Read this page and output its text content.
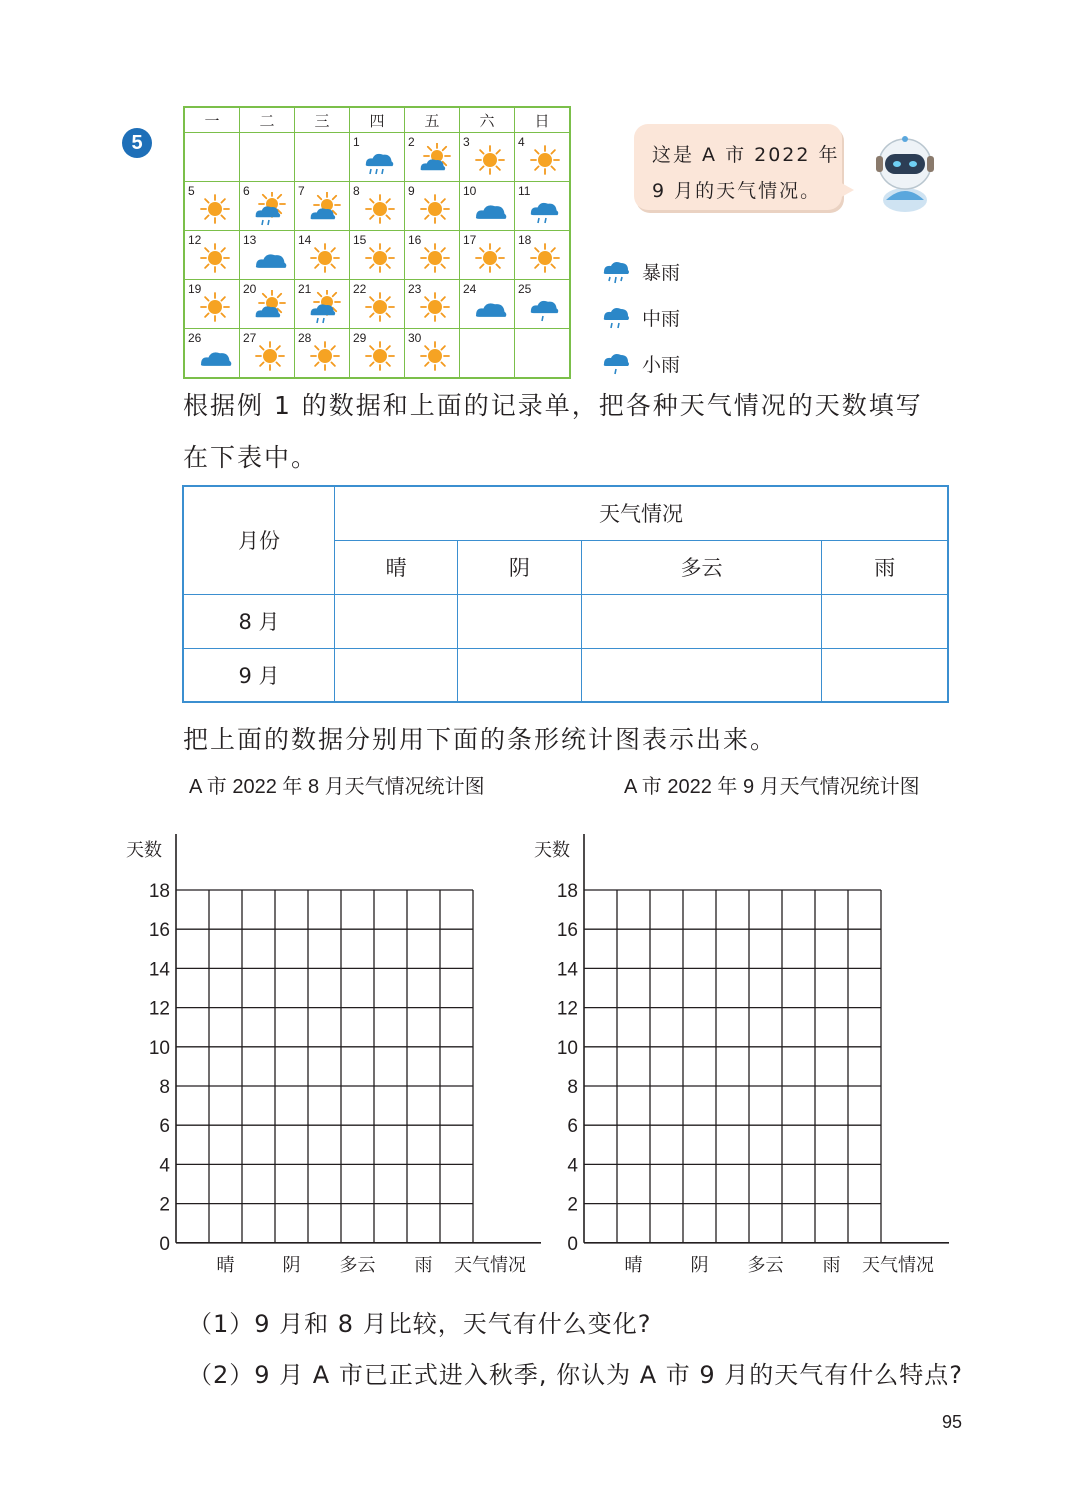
5
一	二	三	四	五	六	日

			1	2	3	4

5	6	7	8	9	10	11

12	13	14	15	16	17	18

19	20	21	22	23	24	25

26	27	28	29	30		

这是 A 市 2022 年
9 月的天气情况。
暴雨
中雨
小雨
根据例 1 的数据和上面的记录单，把各种天气情况的天数填写
在下表中。
月份	天气情况			
	晴	阴	多云	雨
8 月				
9 月				
把上面的数据分别用下面的条形统计图表示出来。
A 市 2022 年 8 月天气情况统计图	A 市 2022 年 9 月天气情况统计图
天数
0
2
4
6
8
10
12
14
16
18
晴	阴 多云 雨 天气情况
天数
0
2
4
6
8
10
12
14
16
18
晴	阴 多云 雨 天气情况
（1）9 月和 8 月比较，天气有什么变化?
（2）9 月 A 市已正式进入秋季, 你认为 A 市 9 月的天气有什么特点?
95
